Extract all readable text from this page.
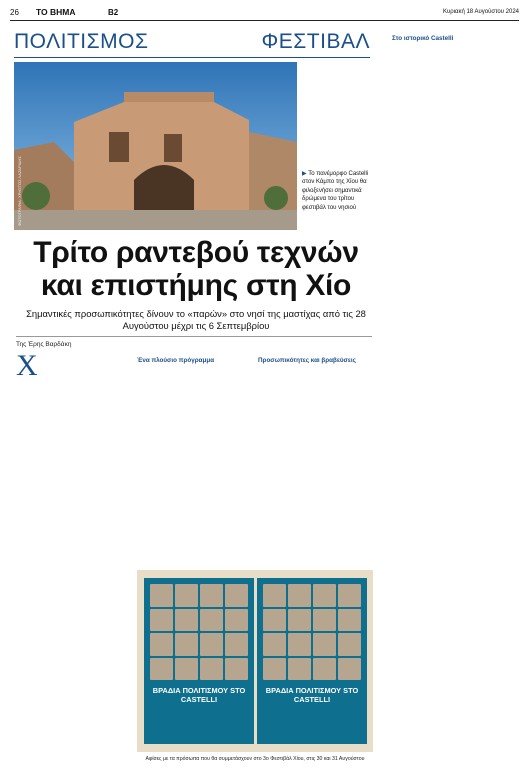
26	ΤΟ ΒΗΜΑ	Β2	Κυριακή 18 Αυγούστου 2024
ΠΟΛΙΤΙΣΜΟΣ	ΦΕΣΤΙΒΑΛ
ΦΩΤΟΓΡΑΦΙΑ: ΧΡΗΣΤΟΣ ΛΑΖΑΡΙΔΗΣ	▶ Το πανέμορφο Castelli στον Κάμπο της Χίου θα φιλοξενήσει σημαντικά δρώμενα του τρίτου φεστιβάλ του νησιού
Τρίτο ραντεβού τεχνών και επιστήμης στη Χίο
Σημαντικές προσωπικότητες δίνουν το «παρών» στο νησί της μαστίχας από τις 28 Αυγούστου μέχρι τις 6 Σεπτεμβρίου
Της Έρης Βαρδάκη
Χ	Ένα πλούσιο πρόγραμμα	Προσωπικότητες και βραβεύσεις
Στο ιστορικό Castelli
ΒΡΑΔΙΑ ΠΟΛΙΤΙΣΜΟΥ STO CASTELLI
ΒΡΑΔΙΑ ΠΟΛΙΤΙΣΜΟΥ STO CASTELLI
Αφίσες με τα πρόσωπα που θα συμμετάσχουν στο 3ο Φεστιβάλ Χίου, στις 30 και 31 Αυγούστου
